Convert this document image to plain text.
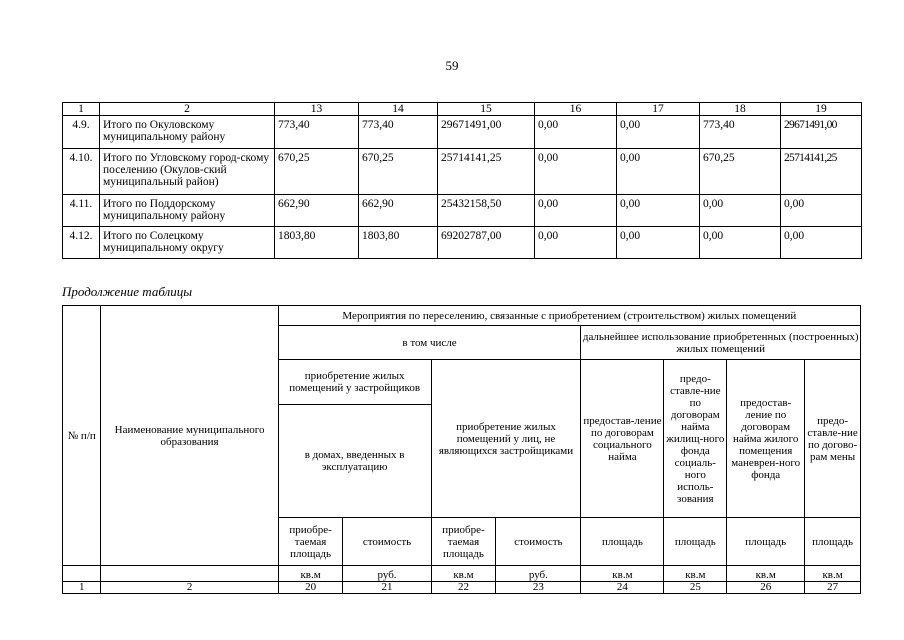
59
1	2	13	14	15	16	17	18	19
4.9.	Итого по Окуловскому муниципальному району	773,40	773,40	29671491,00	0,00	0,00	773,40	29671491,00
4.10.	Итого по Угловскому город-скому поселению (Окулов-ский муниципальный район)	670,25	670,25	25714141,25	0,00	0,00	670,25	25714141,25
4.11.	Итого по Поддорскому муниципальному району	662,90	662,90	25432158,50	0,00	0,00	0,00	0,00
4.12.	Итого по Солецкому муниципальному округу	1803,80	1803,80	69202787,00	0,00	0,00	0,00	0,00
Продолжение таблицы
№ п/п	Наименование муниципального образования	Мероприятия по переселению, связанные с приобретением (строительством) жилых помещений							
		в том числе				дальнейшее использование приобретенных (построенных) жилых помещений			
		приобретение жилых помещений у застройщиков		приобретение жилых помещений у лиц, не являющихся застройщиками		предостав-ление по договорам социального найма	предо-ставле-ние по договорам найма жилищ-ного фонда социаль-ного исполь-зования	предостав-ление по договорам найма жилого помещения маневрен-ного фонда	предо-ставле-ние по догово-рам мены
		в домах, введенных в эксплуатацию							
		приобре-таемая площадь	стоимость	приобре-таемая площадь	стоимость	площадь	площадь	площадь	площадь
		кв.м	руб.	кв.м	руб.	кв.м	кв.м	кв.м	кв.м
1	2	20	21	22	23	24	25	26	27
